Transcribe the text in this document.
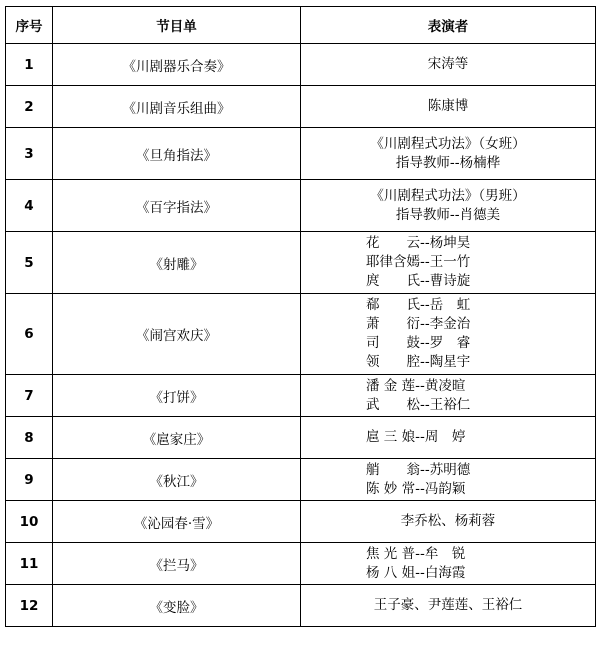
序号	节目单	表演者
1	《川剧器乐合奏》	宋涛等

2	《川剧音乐组曲》	陈康博

3	《旦角指法》	《川剧程式功法》（女班）
指导教师--杨楠桦

4	《百字指法》	《川剧程式功法》（男班）
指导教师--肖德美

5	《射雕》	花　　云--杨坤昊
耶律含嫣--王一竹
庹　　氏--曹诗旋

6	《闹宫欢庆》	郗　　氏--岳　虹
萧　　衍--李金治
司　　鼓--罗　睿
领　　腔--陶星宇

7	《打饼》	潘 金 莲--黄凌暄
武　　松--王裕仁

8	《扈家庄》	扈 三 娘--周　婷

9	《秋江》	艄　　翁--苏明德
陈 妙 常--冯韵颖

10	《沁园春·雪》	李乔松、杨莉蓉

11	《拦马》	焦 光 普--牟　锐
杨 八 姐--白海霞

12	《变脸》	王子豪、尹莲莲、王裕仁
